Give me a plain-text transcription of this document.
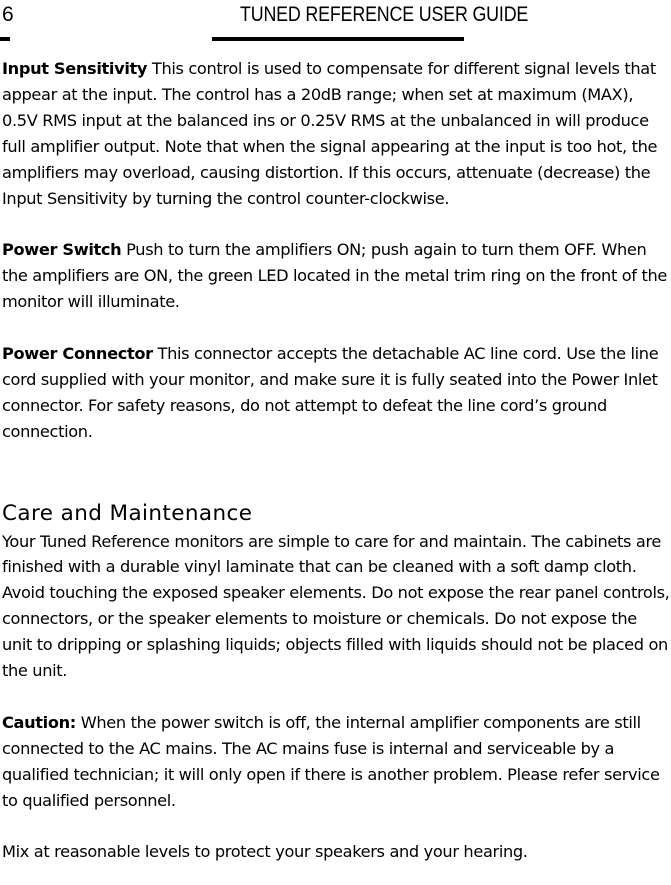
6	TUNED REFERENCE USER GUIDE

Input Sensitivity This control is used to compensate for different signal levels that appear at the input. The control has a 20dB range; when set at maximum (MAX), 0.5V RMS input at the balanced ins or 0.25V RMS at the unbalanced in will produce full amplifier output. Note that when the signal appearing at the input is too hot, the amplifiers may overload, causing distortion. If this occurs, attenuate (decrease) the Input Sensitivity by turning the control counter-clockwise.

Power Switch Push to turn the amplifiers ON; push again to turn them OFF. When the amplifiers are ON, the green LED located in the metal trim ring on the front of the monitor will illuminate.

Power Connector This connector accepts the detachable AC line cord. Use the line cord supplied with your monitor, and make sure it is fully seated into the Power Inlet connector. For safety reasons, do not attempt to defeat the line cord’s ground connection.

Care and Maintenance

Your Tuned Reference monitors are simple to care for and maintain. The cabinets are finished with a durable vinyl laminate that can be cleaned with a soft damp cloth. Avoid touching the exposed speaker elements. Do not expose the rear panel controls, connectors, or the speaker elements to moisture or chemicals. Do not expose the unit to dripping or splashing liquids; objects filled with liquids should not be placed on the unit.

Caution: When the power switch is off, the internal amplifier components are still connected to the AC mains. The AC mains fuse is internal and serviceable by a qualified technician; it will only open if there is another problem. Please refer service to qualified personnel.

Mix at reasonable levels to protect your speakers and your hearing.
